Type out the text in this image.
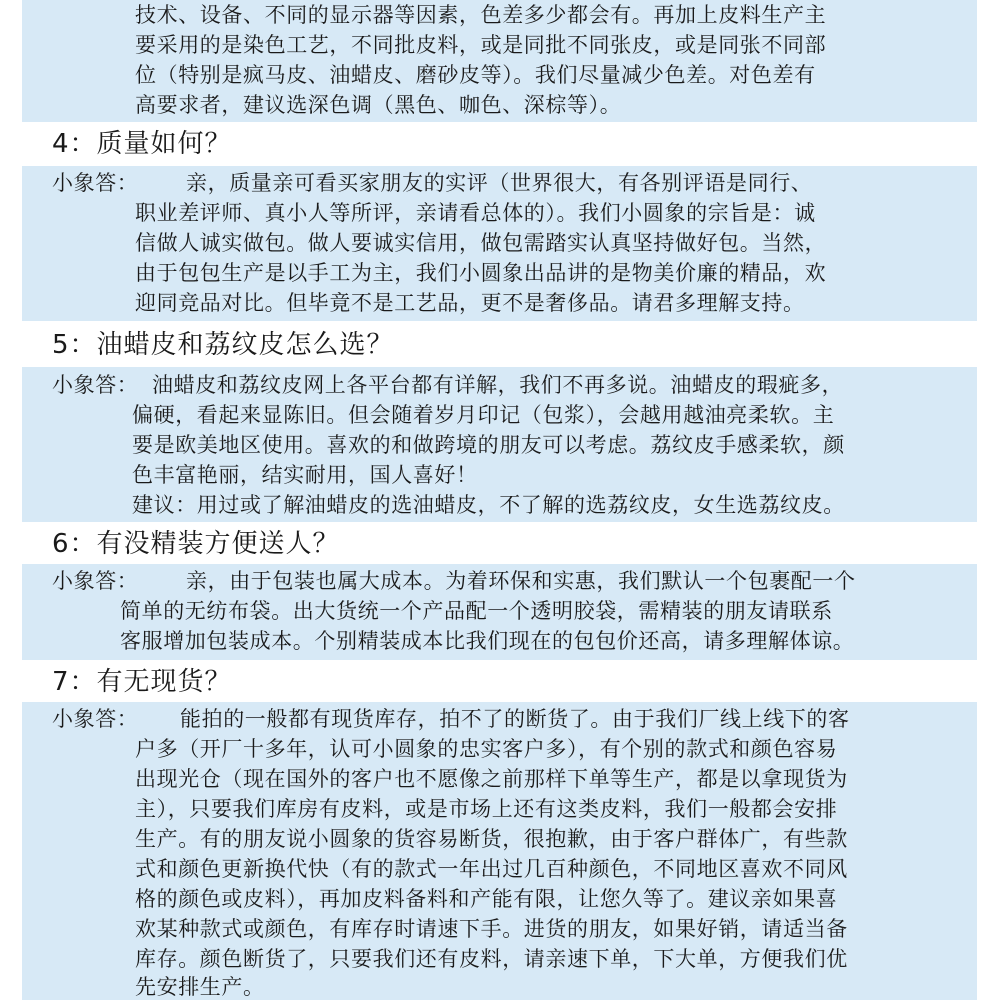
技术、设备、不同的显示器等因素，色差多少都会有。再加上皮料生产主
要采用的是染色工艺，不同批皮料，或是同批不同张皮，或是同张不同部
位（特别是疯马皮、油蜡皮、磨砂皮等）。我们尽量减少色差。对色差有
高要求者，建议选深色调（黑色、咖色、深棕等）。
4：质量如何？
小象答： 亲，质量亲可看买家朋友的实评（世界很大，有各别评语是同行、
职业差评师、真小人等所评，亲请看总体的）。我们小圆象的宗旨是：诚
信做人诚实做包。做人要诚实信用，做包需踏实认真坚持做好包。当然，
由于包包生产是以手工为主，我们小圆象出品讲的是物美价廉的精品，欢
迎同竞品对比。但毕竟不是工艺品，更不是奢侈品。请君多理解支持。
5：油蜡皮和荔纹皮怎么选？
小象答： 油蜡皮和荔纹皮网上各平台都有详解，我们不再多说。油蜡皮的瑕疵多，
偏硬，看起来显陈旧。但会随着岁月印记（包浆），会越用越油亮柔软。主
要是欧美地区使用。喜欢的和做跨境的朋友可以考虑。荔纹皮手感柔软，颜
色丰富艳丽，结实耐用，国人喜好！
建议：用过或了解油蜡皮的选油蜡皮，不了解的选荔纹皮，女生选荔纹皮。
6：有没精装方便送人？
小象答： 亲，由于包装也属大成本。为着环保和实惠，我们默认一个包裹配一个
简单的无纺布袋。出大货统一个产品配一个透明胶袋，需精装的朋友请联系
客服增加包装成本。个别精装成本比我们现在的包包价还高，请多理解体谅。
7：有无现货？
小象答： 能拍的一般都有现货库存，拍不了的断货了。由于我们厂线上线下的客
户多（开厂十多年，认可小圆象的忠实客户多），有个别的款式和颜色容易
出现光仓（现在国外的客户也不愿像之前那样下单等生产，都是以拿现货为
主），只要我们库房有皮料，或是市场上还有这类皮料，我们一般都会安排
生产。有的朋友说小圆象的货容易断货，很抱歉，由于客户群体广，有些款
式和颜色更新换代快（有的款式一年出过几百种颜色，不同地区喜欢不同风
格的颜色或皮料），再加皮料备料和产能有限，让您久等了。建议亲如果喜
欢某种款式或颜色，有库存时请速下手。进货的朋友，如果好销，请适当备
库存。颜色断货了，只要我们还有皮料，请亲速下单，下大单，方便我们优
先安排生产。
